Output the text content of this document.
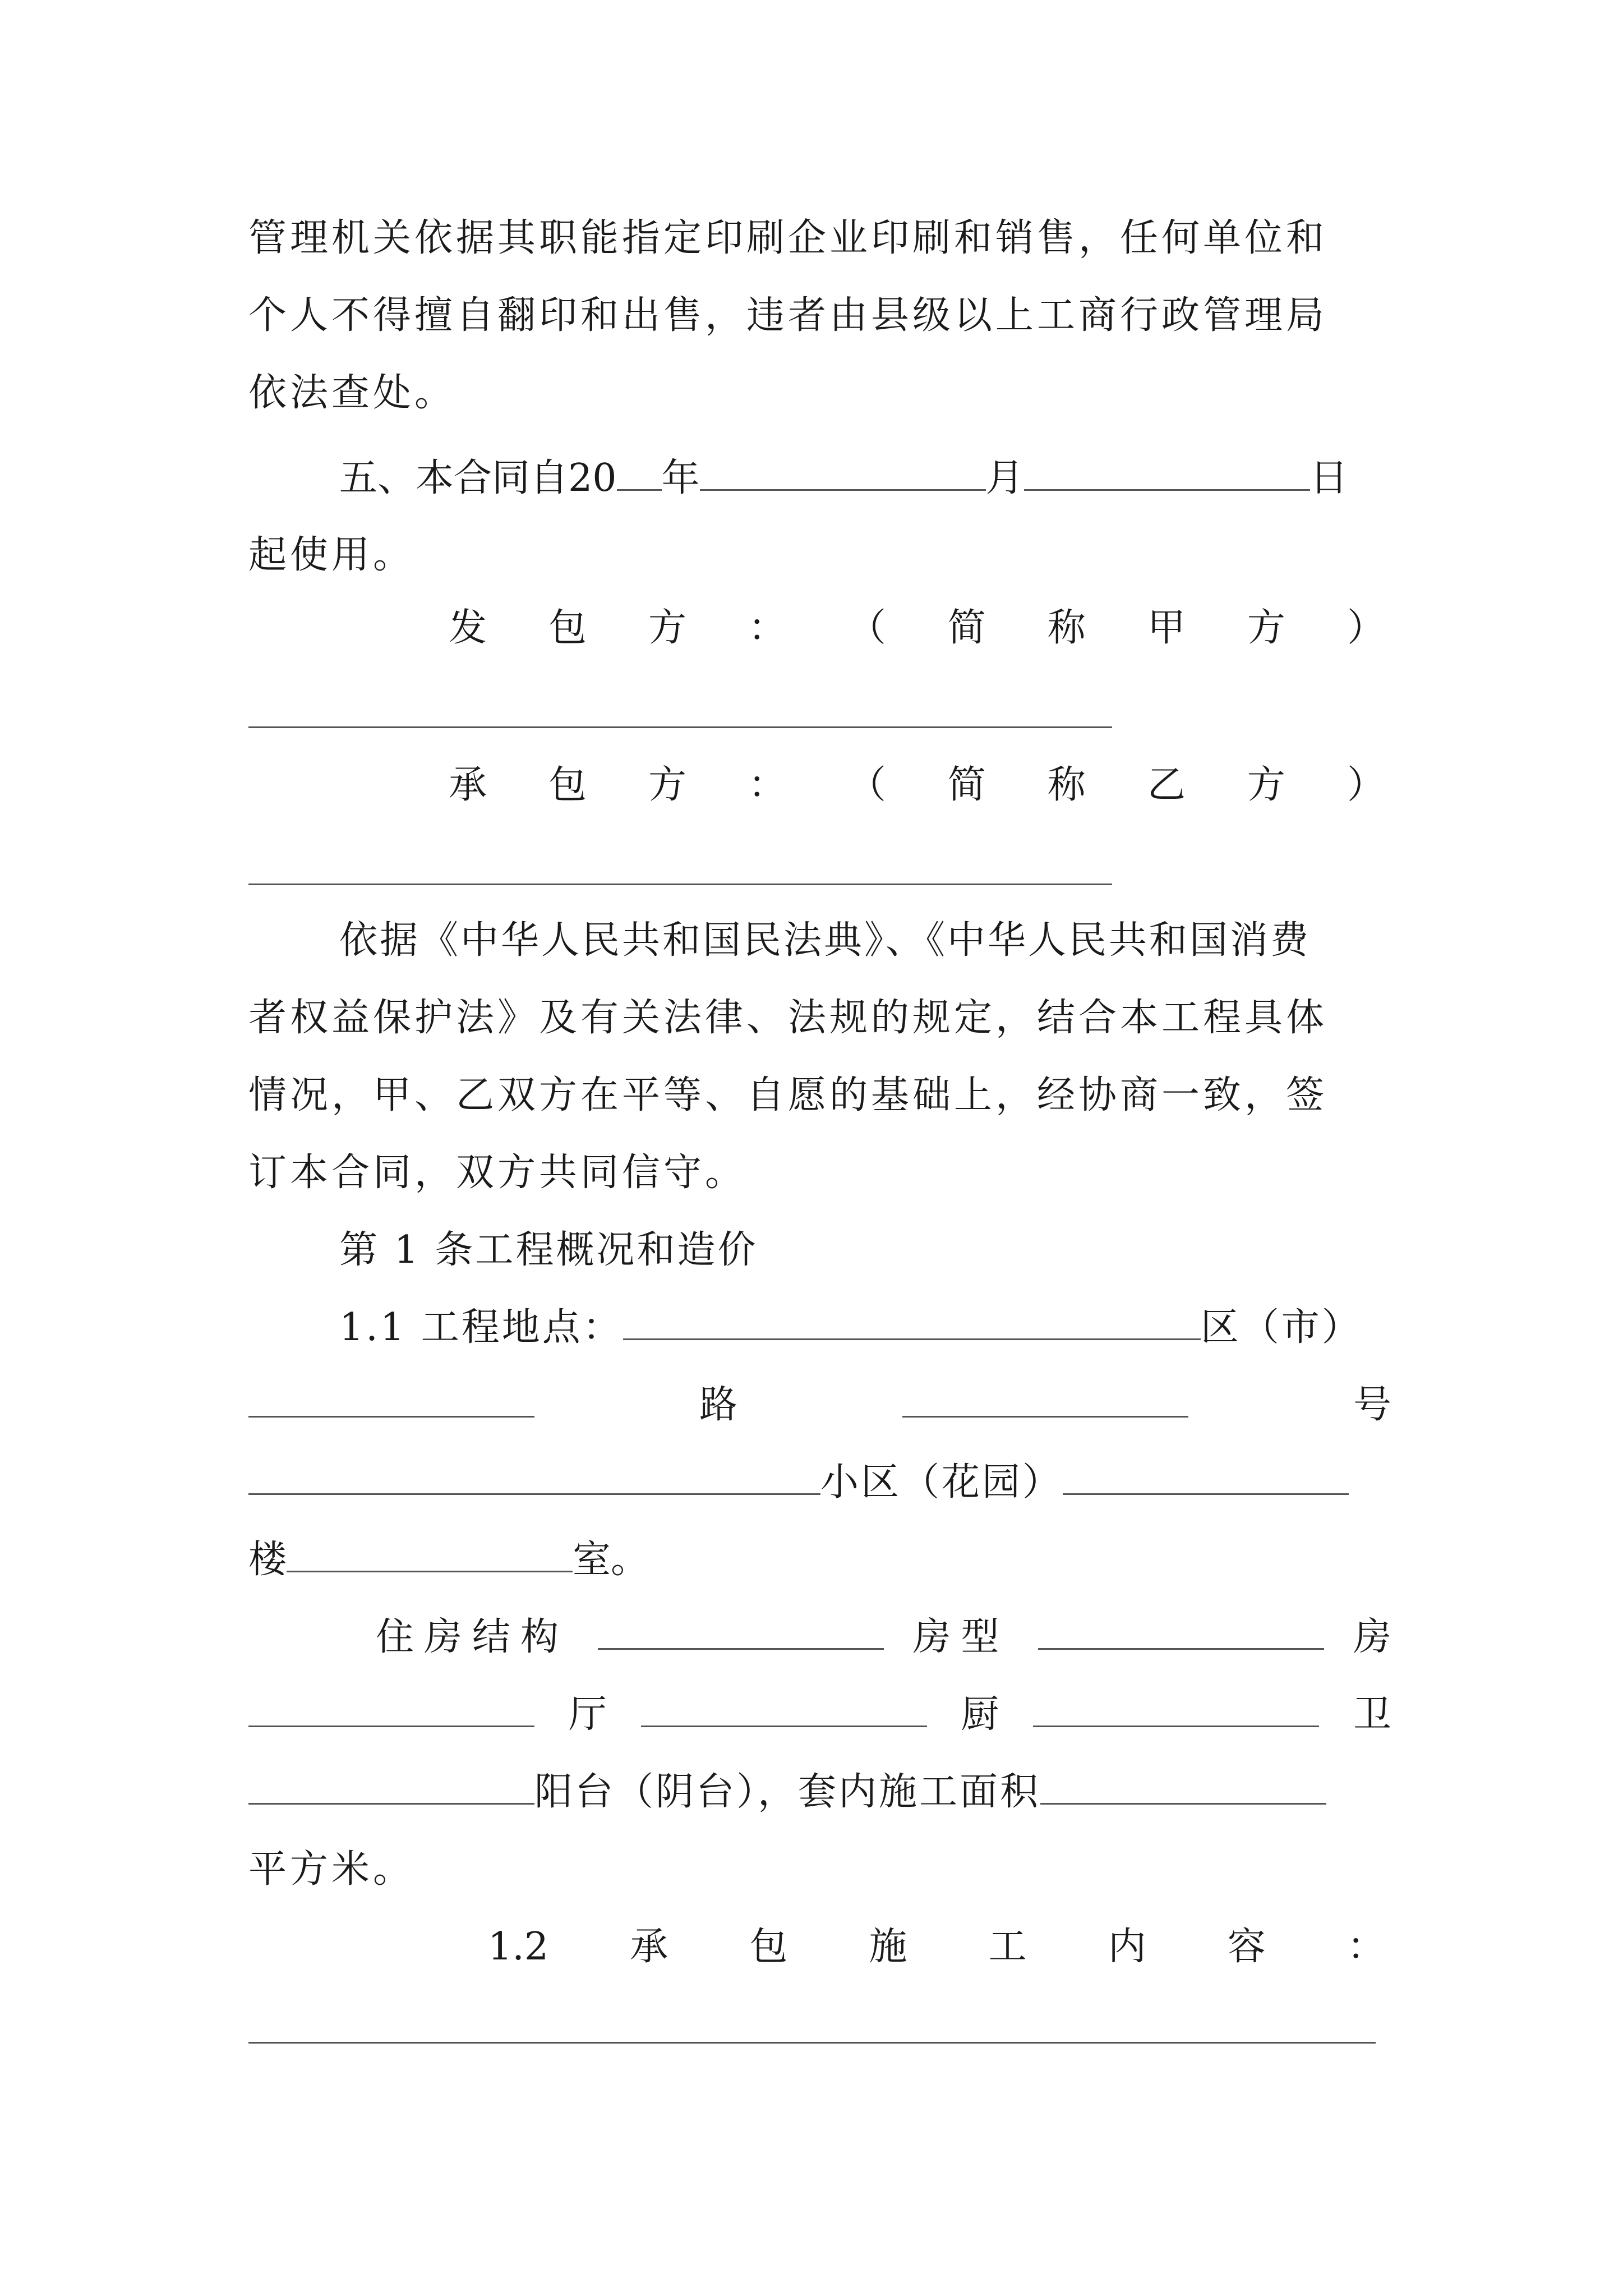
管理机关依据其职能指定印刷企业印刷和销售，任何单位和
个人不得擅自翻印和出售，违者由县级以上工商行政管理局
依法查处。
五、本合同自20 年	月	日
起使用。
发 包 方 ： （ 简 称 甲 方 ）
承 包 方 ： （ 简 称 乙 方 ）
依据《中华人民共和国民法典》、《中华人民共和国消费
者权益保护法》及有关法律、法规的规定，结合本工程具体
情况，甲、乙双方在平等、自愿的基础上，经协商一致，签
订本合同，双方共同信守。
第 1 条工程概况和造价
1.1 工程地点：	区（市）
路	号
小区（花园）
楼	室。
住房结构	房型	房
厅	厨	卫
阳台（阴台），套内施工面积
平方米。
1.2 承 包 施 工 内 容 ：
